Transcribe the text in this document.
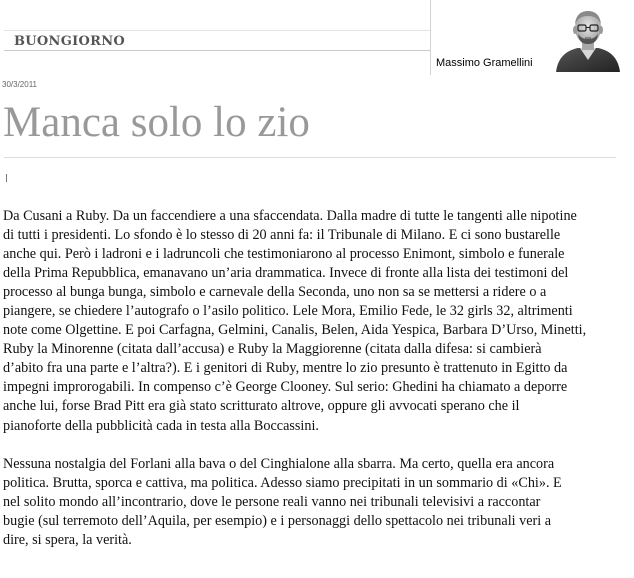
BUONGIORNO
Massimo Gramellini
30/3/2011
Manca solo lo zio

Da Cusani a Ruby. Da un faccendiere a una sfaccendata. Dalla madre di tutte le tangenti alle nipotine
di tutti i presidenti. Lo sfondo è lo stesso di 20 anni fa: il Tribunale di Milano. E ci sono bustarelle
anche qui. Però i ladroni e i ladruncoli che testimoniarono al processo Enimont, simbolo e funerale
della Prima Repubblica, emanavano un’aria drammatica. Invece di fronte alla lista dei testimoni del
processo al bunga bunga, simbolo e carnevale della Seconda, uno non sa se mettersi a ridere o a
piangere, se chiedere l’autografo o l’asilo politico. Lele Mora, Emilio Fede, le 32 girls 32, altrimenti
note come Olgettine. E poi Carfagna, Gelmini, Canalis, Belen, Aida Yespica, Barbara D’Urso, Minetti,
Ruby la Minorenne (citata dall’accusa) e Ruby la Maggiorenne (citata dalla difesa: si cambierà
d’abito fra una parte e l’altra?). E i genitori di Ruby, mentre lo zio presunto è trattenuto in Egitto da
impegni improrogabili. In compenso c’è George Clooney. Sul serio: Ghedini ha chiamato a deporre
anche lui, forse Brad Pitt era già stato scritturato altrove, oppure gli avvocati sperano che il
pianoforte della pubblicità cada in testa alla Boccassini.

Nessuna nostalgia del Forlani alla bava o del Cinghialone alla sbarra. Ma certo, quella era ancora
politica. Brutta, sporca e cattiva, ma politica. Adesso siamo precipitati in un sommario di «Chi». E
nel solito mondo all’incontrario, dove le persone reali vanno nei tribunali televisivi a raccontar
bugie (sul terremoto dell’Aquila, per esempio) e i personaggi dello spettacolo nei tribunali veri a
dire, si spera, la verità.
